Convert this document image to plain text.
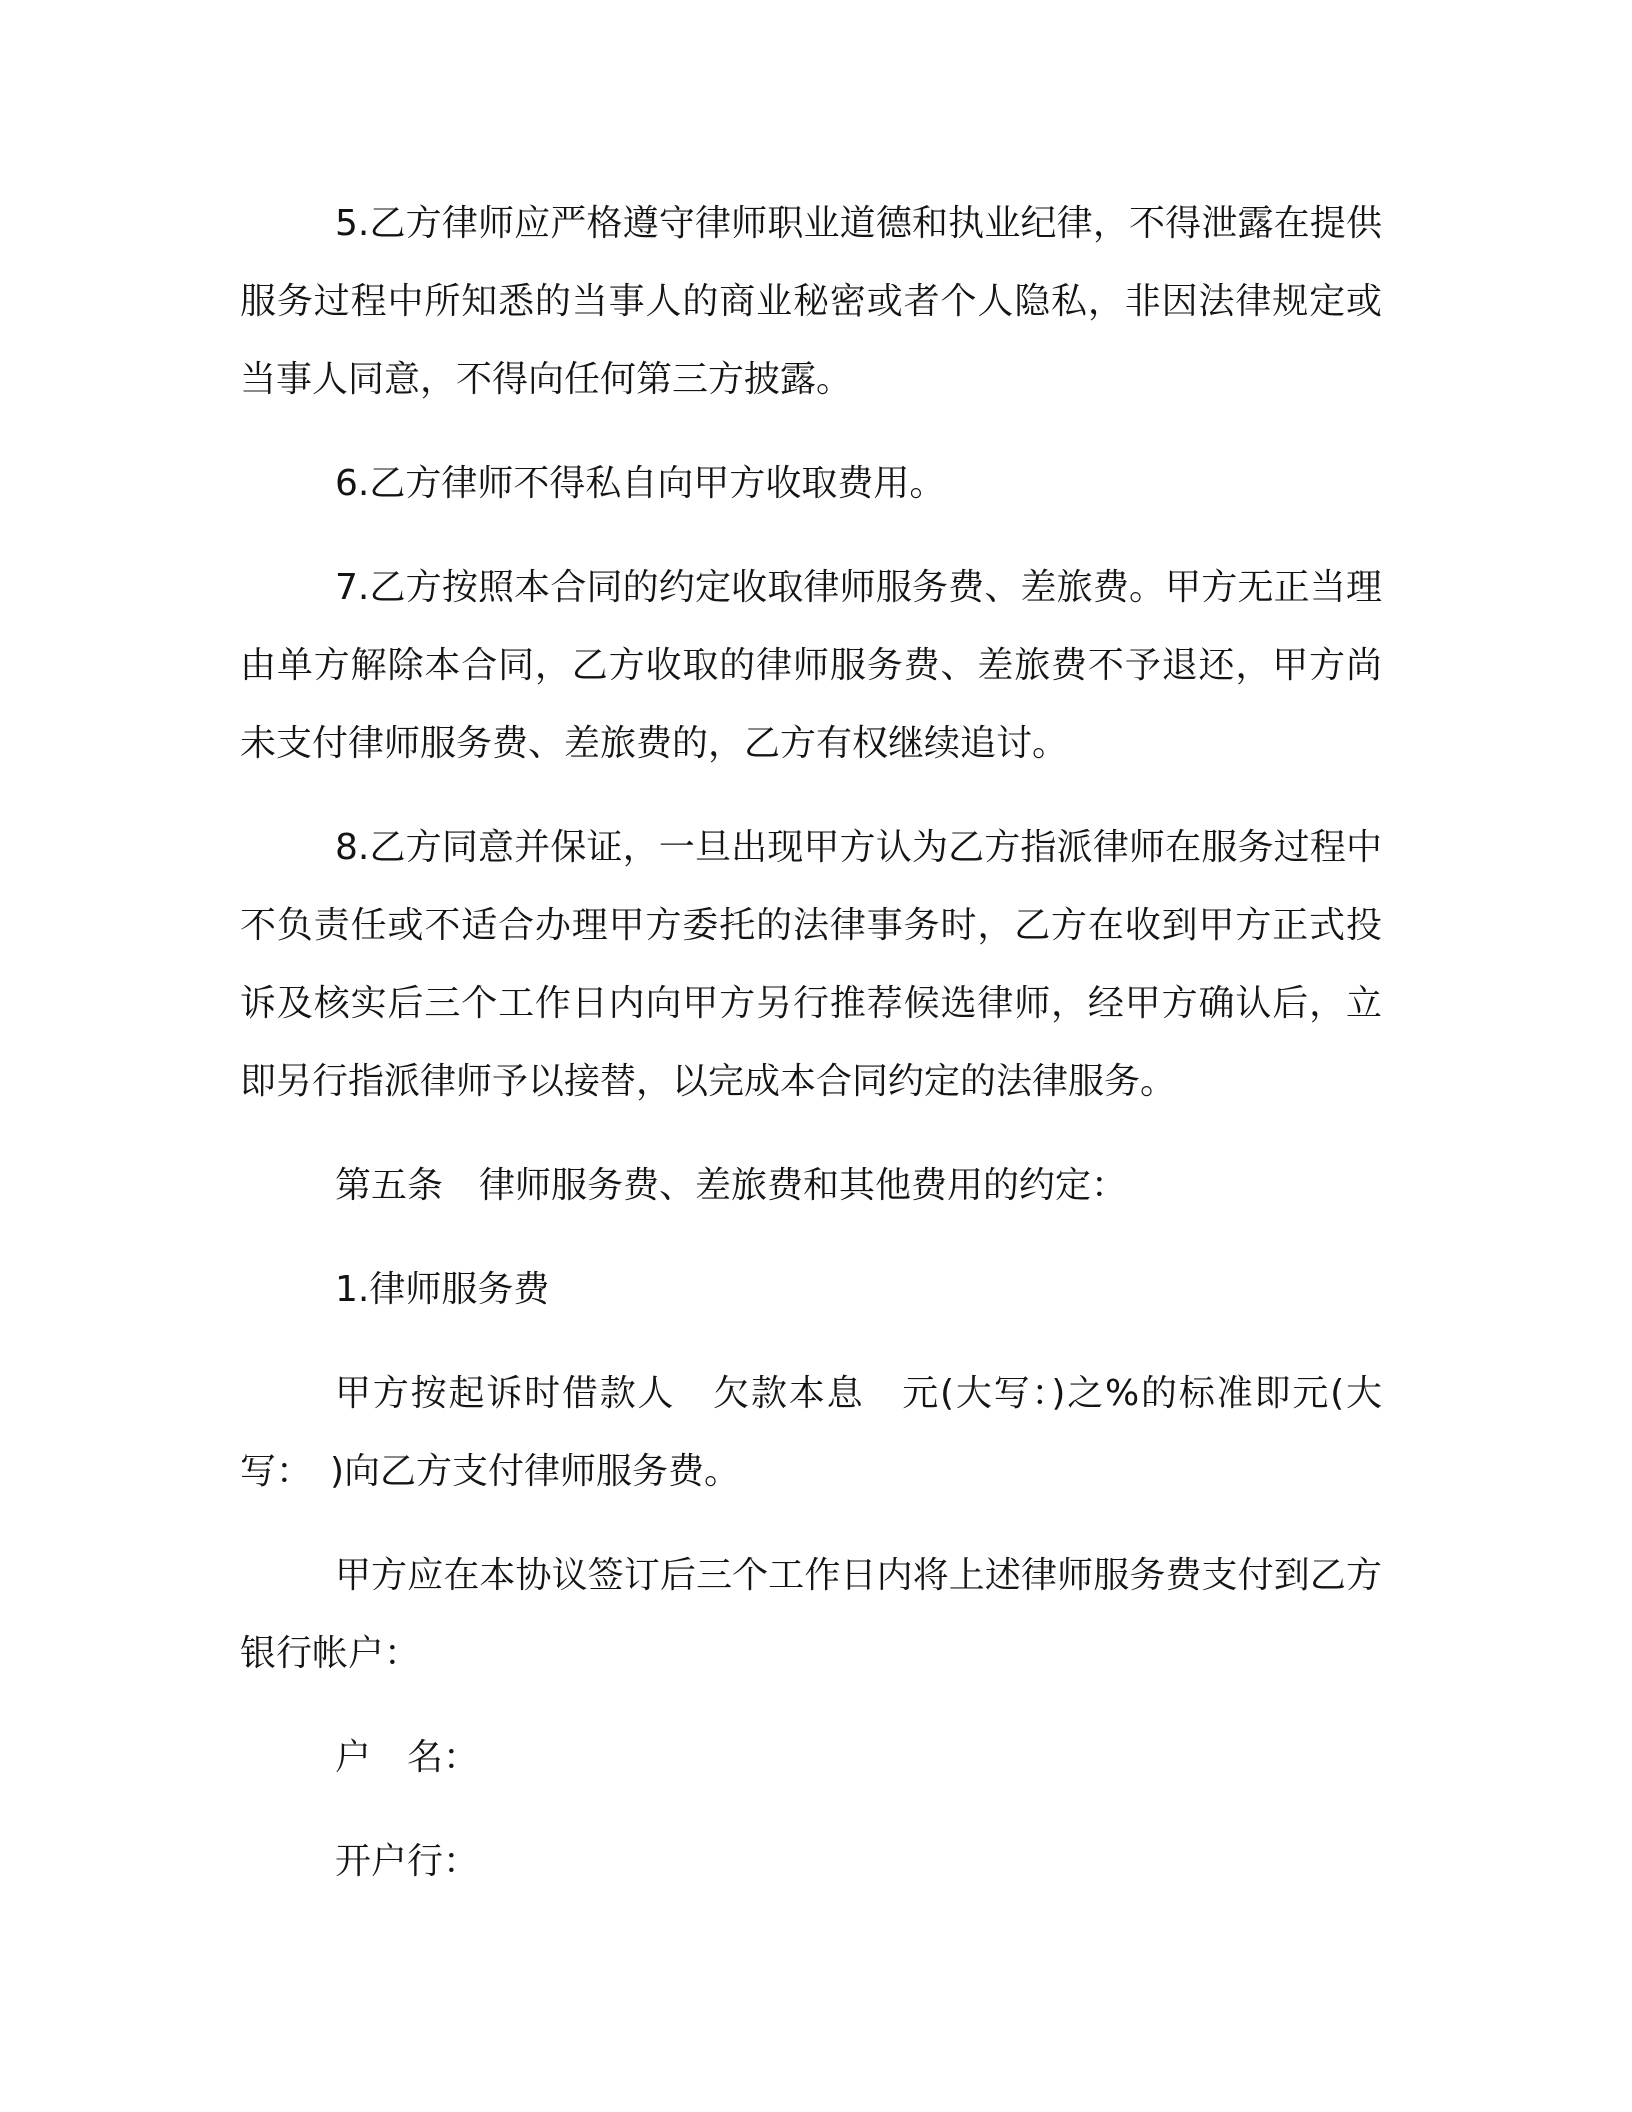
5.乙方律师应严格遵守律师职业道德和执业纪律，不得泄露在提供服务过程中所知悉的当事人的商业秘密或者个人隐私，非因法律规定或当事人同意，不得向任何第三方披露。

6.乙方律师不得私自向甲方收取费用。

7.乙方按照本合同的约定收取律师服务费、差旅费。甲方无正当理由单方解除本合同，乙方收取的律师服务费、差旅费不予退还，甲方尚未支付律师服务费、差旅费的，乙方有权继续追讨。

8.乙方同意并保证，一旦出现甲方认为乙方指派律师在服务过程中不负责任或不适合办理甲方委托的法律事务时，乙方在收到甲方正式投诉及核实后三个工作日内向甲方另行推荐候选律师，经甲方确认后，立即另行指派律师予以接替，以完成本合同约定的法律服务。

第五条　律师服务费、差旅费和其他费用的约定：

1.律师服务费

甲方按起诉时借款人　欠款本息　元(大写：)之%的标准即元(大写：　)向乙方支付律师服务费。

甲方应在本协议签订后三个工作日内将上述律师服务费支付到乙方银行帐户：

户　名：

开户行：
